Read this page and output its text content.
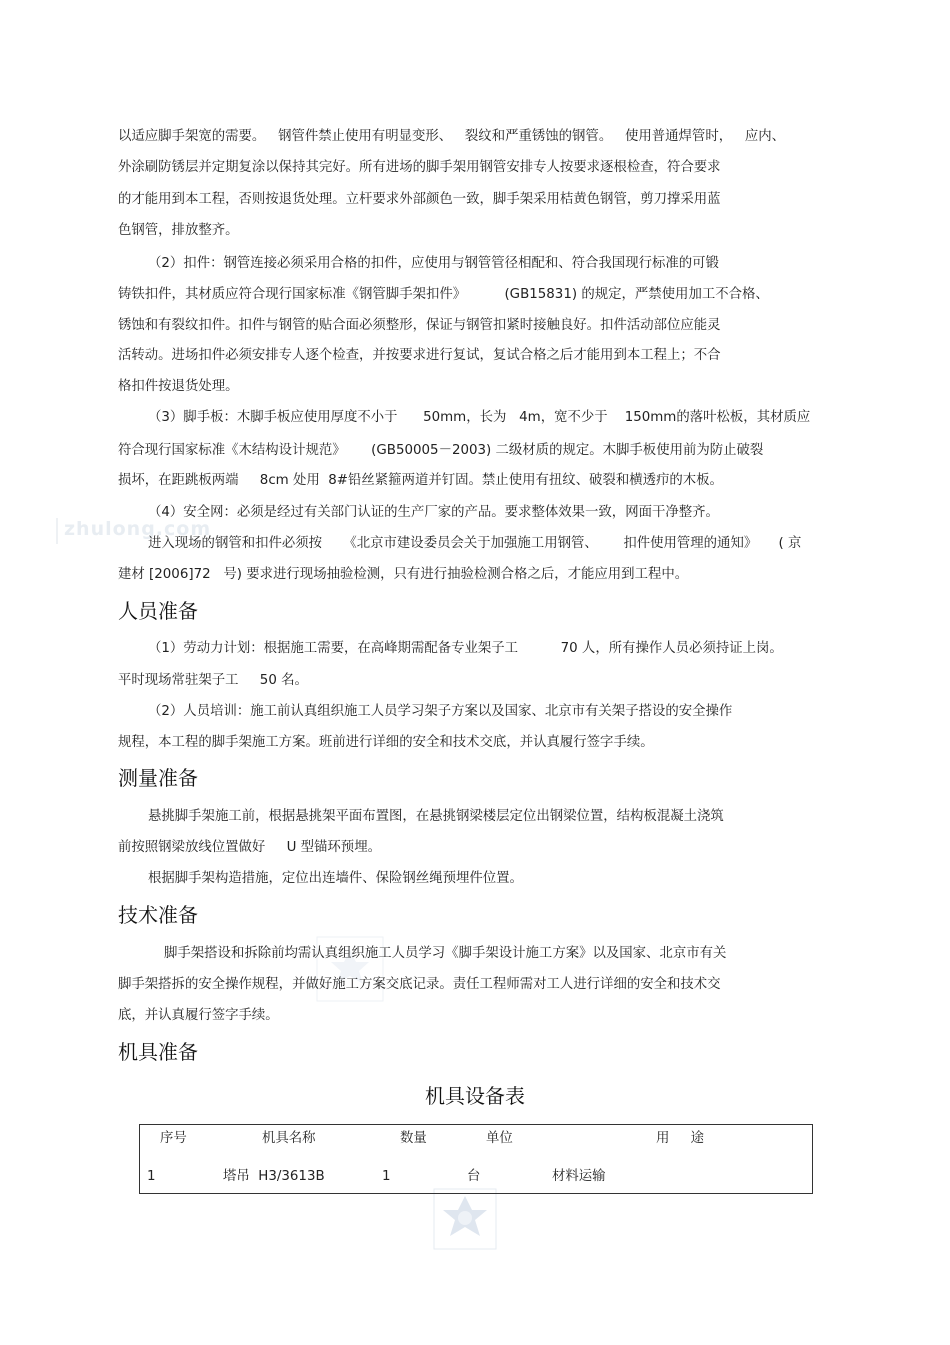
zhulong.com
以适应脚手架宽的需要。   钢管件禁止使用有明显变形、   裂纹和严重锈蚀的钢管。   使用普通焊管时，   应内、
外涂刷防锈层并定期复涂以保持其完好。所有进场的脚手架用钢管安排专人按要求逐根检查，符合要求
的才能用到本工程，否则按退货处理。立杆要求外部颜色一致，脚手架采用桔黄色钢管，剪刀撑采用蓝
色钢管，排放整齐。
（2）扣件：钢管连接必须采用合格的扣件，应使用与钢管管径相配和、符合我国现行标准的可锻
铸铁扣件，其材质应符合现行国家标准《钢管脚手架扣件》         (GB15831) 的规定，严禁使用加工不合格、
锈蚀和有裂纹扣件。扣件与钢管的贴合面必须整形，保证与钢管扣紧时接触良好。扣件活动部位应能灵
活转动。进场扣件必须安排专人逐个检查，并按要求进行复试，复试合格之后才能用到本工程上；不合
格扣件按退货处理。
（3）脚手板：木脚手板应使用厚度不小于      50mm，长为   4m，宽不少于    150mm的落叶松板，其材质应
符合现行国家标准《木结构设计规范》      (GB50005－2003) 二级材质的规定。木脚手板使用前为防止破裂
损坏，在距跳板两端     8cm 处用  8#铅丝紧箍两道并钉固。禁止使用有扭纹、破裂和横透疖的木板。
（4）安全网：必须是经过有关部门认证的生产厂家的产品。要求整体效果一致，网面干净整齐。
进入现场的钢管和扣件必须按     《北京市建设委员会关于加强施工用钢管、      扣件使用管理的通知》     ( 京
建材 [2006]72   号) 要求进行现场抽验检测，只有进行抽验检测合格之后，才能应用到工程中。
人员准备
（1）劳动力计划：根据施工需要，在高峰期需配备专业架子工          70 人，所有操作人员必须持证上岗。
平时现场常驻架子工     50 名。
（2）人员培训：施工前认真组织施工人员学习架子方案以及国家、北京市有关架子搭设的安全操作
规程，本工程的脚手架施工方案。班前进行详细的安全和技术交底，并认真履行签字手续。
测量准备
悬挑脚手架施工前，根据悬挑架平面布置图，在悬挑钢梁楼层定位出钢梁位置，结构板混凝土浇筑
前按照钢梁放线位置做好     U 型锚环预埋。
根据脚手架构造措施，定位出连墙件、保险钢丝绳预埋件位置。
技术准备
脚手架搭设和拆除前均需认真组织施工人员学习《脚手架设计施工方案》以及国家、北京市有关
脚手架搭拆的安全操作规程，并做好施工方案交底记录。责任工程师需对工人进行详细的安全和技术交
底，并认真履行签字手续。
机具准备
机具设备表
序号	机具名称	数量	单位	用     途
1	塔吊  H3/3613B	1	台	材料运输
